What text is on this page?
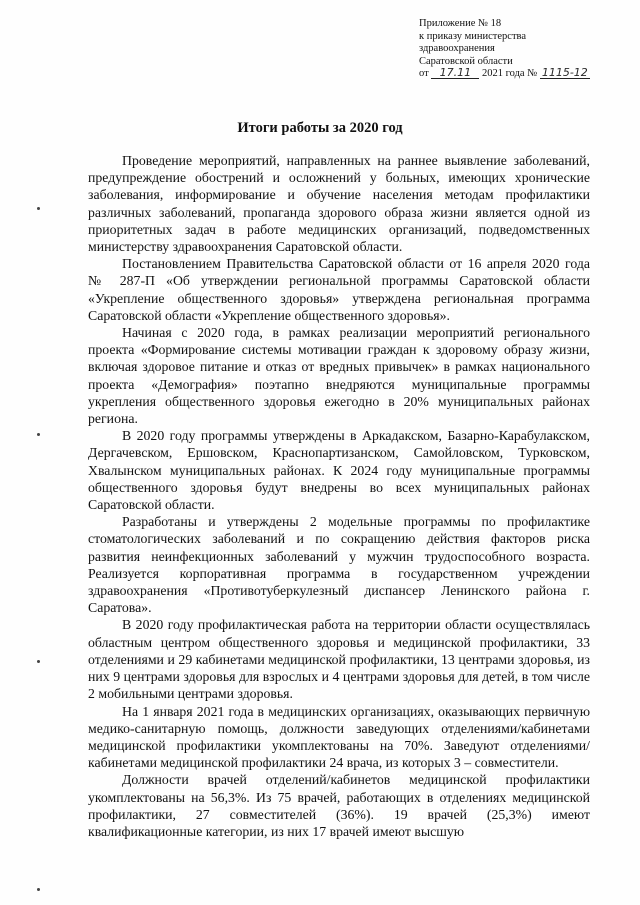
Приложение № 18
к приказу министерства
здравоохранения
Саратовской области
от 17.11 2021 года № 1115-12
Итоги работы за 2020 год

Проведение мероприятий, направленных на раннее выявление заболеваний, предупреждение обострений и осложнений у больных, имеющих хронические заболевания, информирование и обучение населения методам профилактики различных заболеваний, пропаганда здорового образа жизни является одной из приоритетных задач в работе медицинских организаций, подведомственных министерству здравоохранения Саратовской области.

Постановлением Правительства Саратовской области от 16 апреля 2020 года № 287-П «Об утверждении региональной программы Саратовской области «Укрепление общественного здоровья» утверждена региональная программа Саратовской области «Укрепление общественного здоровья».

Начиная с 2020 года, в рамках реализации мероприятий регионального проекта «Формирование системы мотивации граждан к здоровому образу жизни, включая здоровое питание и отказ от вредных привычек» в рамках национального проекта «Демография» поэтапно внедряются муниципальные программы укрепления общественного здоровья ежегодно в 20% муниципальных районах региона.

В 2020 году программы утверждены в Аркадакском, Базарно-Карабулакском, Дергачевском, Ершовском, Краснопартизанском, Самойловском, Турковском, Хвалынском муниципальных районах. К 2024 году муниципальные программы общественного здоровья будут внедрены во всех муниципальных районах Саратовской области.

Разработаны и утверждены 2 модельные программы по профилактике стоматологических заболеваний и по сокращению действия факторов риска развития неинфекционных заболеваний у мужчин трудоспособного возраста. Реализуется корпоративная программа в государственном учреждении здравоохранения «Противотуберкулезный диспансер Ленинского района г. Саратова».

В 2020 году профилактическая работа на территории области осуществлялась областным центром общественного здоровья и медицинской профилактики, 33 отделениями и 29 кабинетами медицинской профилактики, 13 центрами здоровья, из них 9 центрами здоровья для взрослых и 4 центрами здоровья для детей, в том числе 2 мобильными центрами здоровья.

На 1 января 2021 года в медицинских организациях, оказывающих первичную медико-санитарную помощь, должности заведующих отделениями/кабинетами медицинской профилактики укомплектованы на 70%. Заведуют отделениями/кабинетами медицинской профилактики 24 врача, из которых 3 – совместители.

Должности врачей отделений/кабинетов медицинской профилактики укомплектованы на 56,3%. Из 75 врачей, работающих в отделениях медицинской профилактики, 27 совместителей (36%). 19 врачей (25,3%) имеют квалификационные категории, из них 17 врачей имеют высшую
